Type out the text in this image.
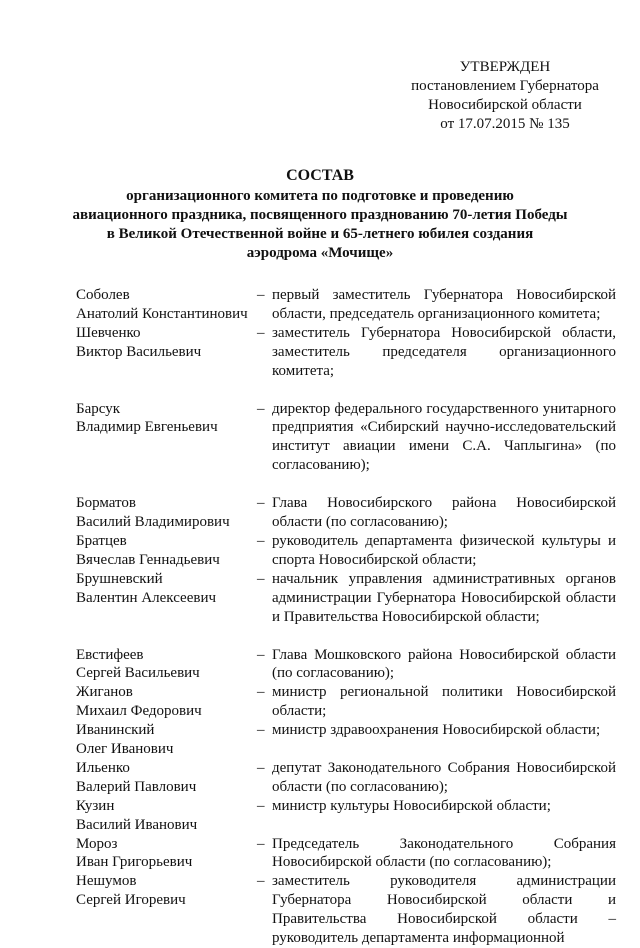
УТВЕРЖДЕН
постановлением Губернатора
Новосибирской области
от 17.07.2015 № 135
СОСТАВ
организационного комитета по подготовке и проведению
авиационного праздника, посвященного празднованию 70-летия Победы
в Великой Отечественной войне и 65-летнего юбилея создания
аэродрома «Мочище»
Соболев
Анатолий Константинович
– первый заместитель Губернатора Новосибирской области, председатель организационного комитета;
Шевченко
Виктор Васильевич
– заместитель Губернатора Новосибирской области, заместитель председателя организационного комитета;
Барсук
Владимир Евгеньевич
– директор федерального государственного унитарного предприятия «Сибирский научно-исследовательский институт авиации имени С.А. Чаплыгина» (по согласованию);
Борматов
Василий Владимирович
– Глава Новосибирского района Новосибирской области (по согласованию);
Братцев
Вячеслав Геннадьевич
– руководитель департамента физической культуры и спорта Новосибирской области;
Брушневский
Валентин Алексеевич
– начальник управления административных органов администрации Губернатора Новосибирской области и Правительства Новосибирской области;
Евстифеев
Сергей Васильевич
– Глава Мошковского района Новосибирской области (по согласованию);
Жиганов
Михаил Федорович
– министр региональной политики Новосибирской области;
Иванинский
Олег Иванович
– министр здравоохранения Новосибирской области;
Ильенко
Валерий Павлович
– депутат Законодательного Собрания Новосибирской области (по согласованию);
Кузин
Василий Иванович
– министр культуры Новосибирской области;
Мороз
Иван Григорьевич
– Председатель Законодательного Собрания Новосибирской области (по согласованию);
Нешумов
Сергей Игоревич
– заместитель руководителя администрации Губернатора Новосибирской области и Правительства Новосибирской области – руководитель департамента информационной
